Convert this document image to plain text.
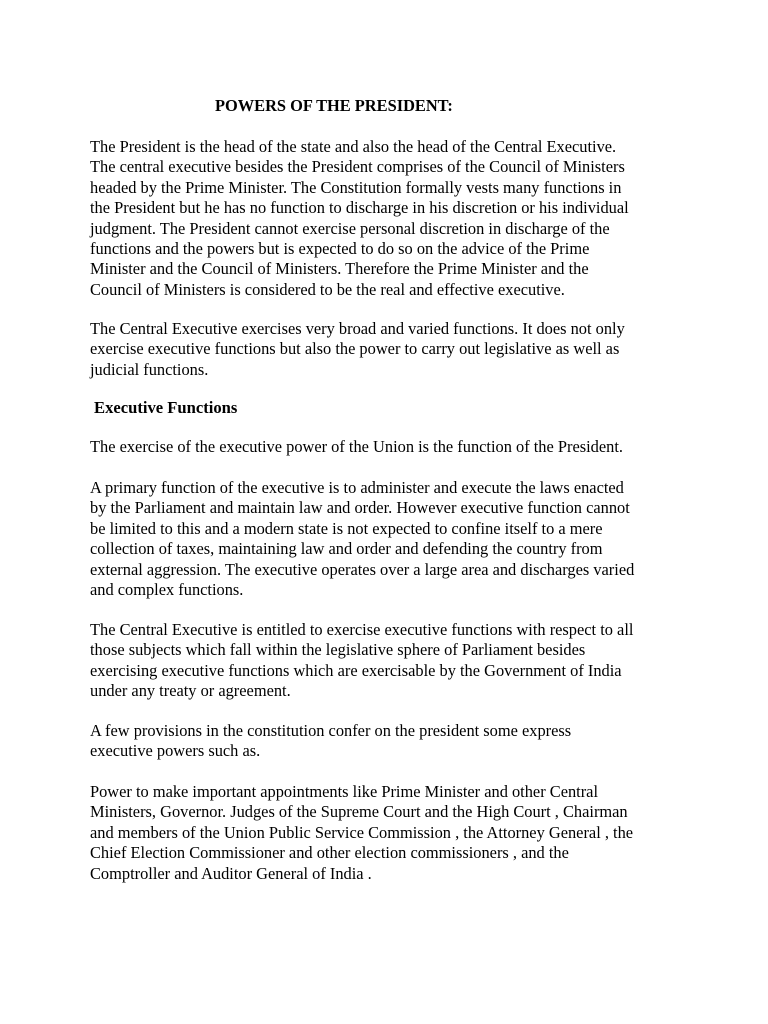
POWERS OF THE PRESIDENT:

The President is the head of the state and also the head of the Central Executive.
The central executive besides the President comprises of the Council of Ministers
headed by the Prime Minister. The Constitution formally vests many functions in
the President but he has no function to discharge in his discretion or his individual
judgment. The President cannot exercise personal discretion in discharge of the
functions and the powers but is expected to do so on the advice of the Prime
Minister and the Council of Ministers. Therefore the Prime Minister and the
Council of Ministers is considered to be the real and effective executive.

The Central Executive exercises very broad and varied functions. It does not only
exercise executive functions but also the power to carry out legislative as well as
judicial functions.

Executive Functions

The exercise of the executive power of the Union is the function of the President.

A primary function of the executive is to administer and execute the laws enacted
by the Parliament and maintain law and order. However executive function cannot
be limited to this and a modern state is not expected to confine itself to a mere
collection of taxes, maintaining law and order and defending the country from
external aggression. The executive operates over a large area and discharges varied
and complex functions.

The Central Executive is entitled to exercise executive functions with respect to all
those subjects which fall within the legislative sphere of Parliament besides
exercising executive functions which are exercisable by the Government of India
under any treaty or agreement.

A few provisions in the constitution confer on the president some express
executive powers such as.

Power to make important appointments like Prime Minister and other Central
Ministers, Governor. Judges of the Supreme Court and the High Court , Chairman
and members of the Union Public Service Commission , the Attorney General , the
Chief Election Commissioner and other election commissioners , and the
Comptroller and Auditor General of India .
